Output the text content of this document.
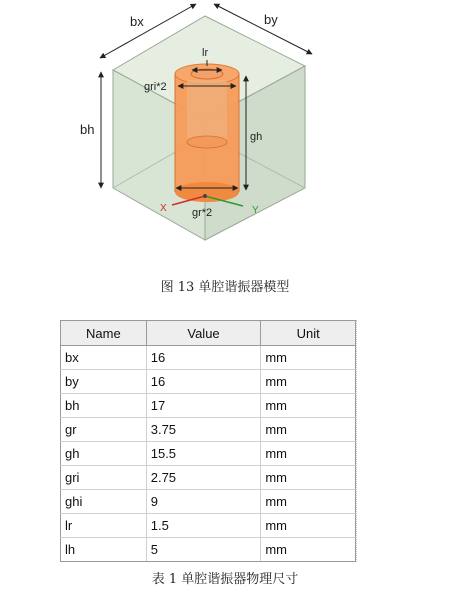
bx	by
bh
lr
gri*2
gh
gr*2
X	Y
图 13 单腔谐振器模型
Name	Value	Unit
bx	16	mm
by	16	mm
bh	17	mm
gr	3.75	mm
gh	15.5	mm
gri	2.75	mm
ghi	9	mm
lr	1.5	mm
lh	5	mm
表 1 单腔谐振器物理尺寸
